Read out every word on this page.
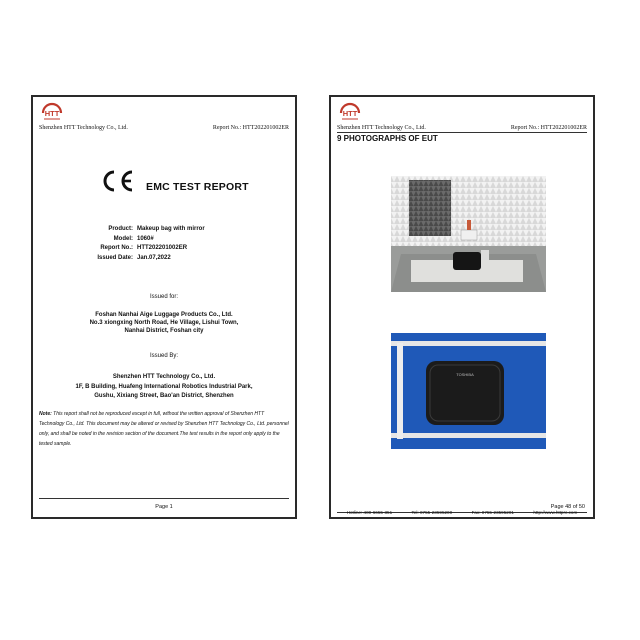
HTT
Shenzhen HTT Technology Co., Ltd.	Report No.: HTT202201002ER
EMC TEST REPORT
Product: Makeup bag with mirror
Model: 1060#
Report No.: HTT202201002ER
Issued Date: Jan.07,2022
Issued for:
Foshan Nanhai Aige Luggage Products Co., Ltd.
No.3 xiongxing North Road, He Village, Lishui Town,
Nanhai District, Foshan city
Issued By:
Shenzhen HTT Technology Co., Ltd.
1F, B Building, Huafeng International Robotics Industrial Park,
Gushu, Xixiang Street, Bao'an District, Shenzhen
Note: This report shall not be reproduced except in full, without the written approval of Shenzhen HTT Technology Co., Ltd. This document may be altered or revised by Shenzhen HTT Technology Co., Ltd. personnel only, and shall be noted in the revision section of the document.The test results in the report only apply to the tested sample.
Page 1
HTT
Shenzhen HTT Technology Co., Ltd.	Report No.: HTT202201002ER
9 PHOTOGRAPHS OF EUT
TOSHIBA
Page 48 of 50
Hotline: 400-6655-351	Tel: 0755-23595200	Fax: 0755-23595201	http://www.httprc.com
